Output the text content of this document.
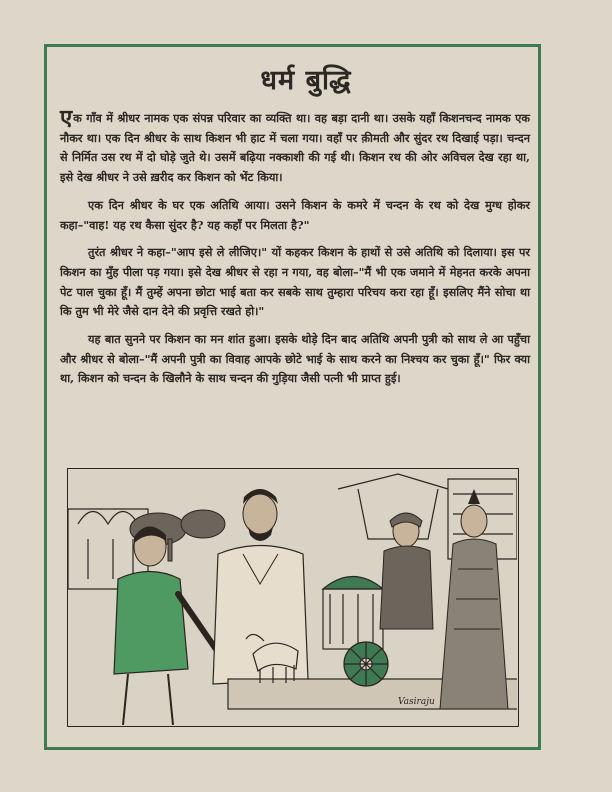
धर्म बुद्धि

एक गाँव में श्रीधर नामक एक संपन्न परिवार का व्यक्ति था। वह बड़ा दानी था। उसके यहाँ किशनचन्द नामक एक नौकर था। एक दिन श्रीधर के साथ किशन भी हाट में चला गया। वहाँ पर क़ीमती और सुंदर रथ दिखाई पड़ा। चन्दन से निर्मित उस रथ में दो घोड़े जुते थे। उसमें बढ़िया नक्काशी की गई थी। किशन रथ की ओर अविचल देख रहा था, इसे देख श्रीधर ने उसे ख़रीद कर किशन को भेंट किया।

एक दिन श्रीधर के घर एक अतिथि आया। उसने किशन के कमरे में चन्दन के रथ को देख मुग्ध होकर कहा–"वाह! यह रथ कैसा सुंदर है? यह कहाँ पर मिलता है?"

तुरंत श्रीधर ने कहा–"आप इसे ले लीजिए।" यों कहकर किशन के हाथों से उसे अतिथि को दिलाया। इस पर किशन का मुँह पीला पड़ गया। इसे देख श्रीधर से रहा न गया, वह बोला–"मैं भी एक जमाने में मेहनत करके अपना पेट पाल चुका हूँ। मैं तुम्हें अपना छोटा भाई बता कर सबके साथ तुम्हारा परिचय करा रहा हूँ। इसलिए मैंने सोचा था कि तुम भी मेरे जैसे दान देने की प्रवृत्ति रखते हो।"

यह बात सुनने पर किशन का मन शांत हुआ। इसके थोड़े दिन बाद अतिथि अपनी पुत्री को साथ ले आ पहुँचा और श्रीधर से बोला–"मैं अपनी पुत्री का विवाह आपके छोटे भाई के साथ करने का निश्चय कर चुका हूँ।" फिर क्या था, किशन को चन्दन के खिलौने के साथ चन्दन की गुड़िया जैसी पत्नी भी प्राप्त हुई।

Vasiraju
